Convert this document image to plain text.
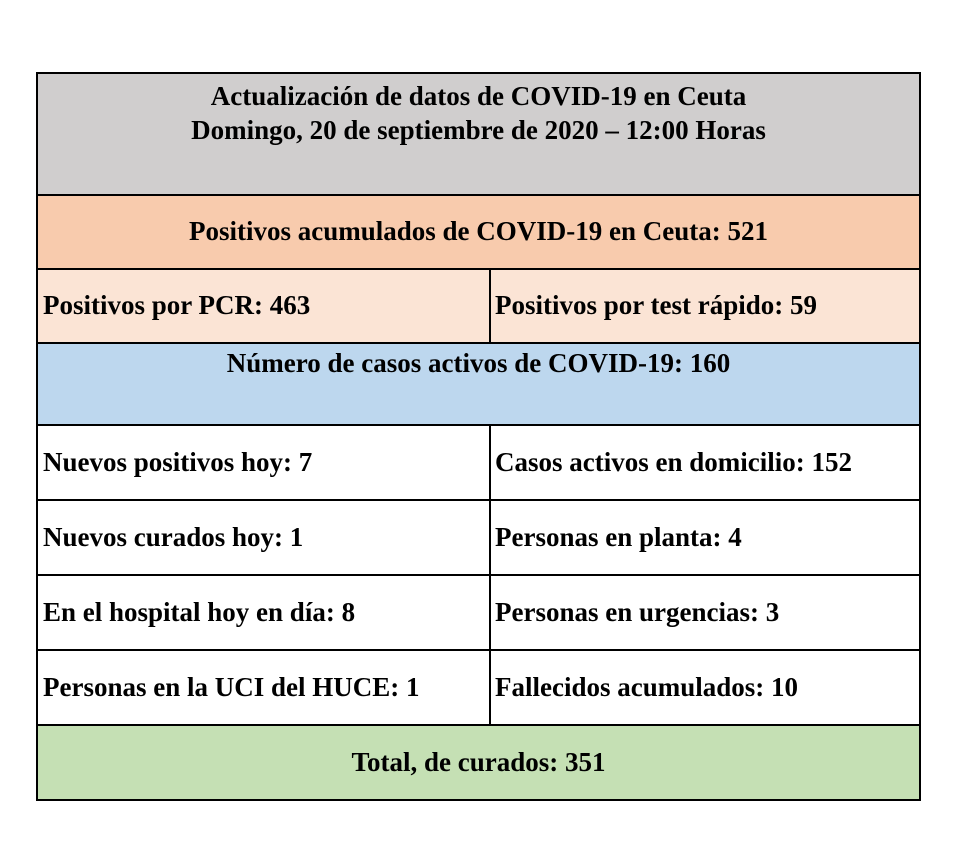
Actualización de datos de COVID-19 en Ceuta
Domingo, 20 de septiembre de 2020 – 12:00 Horas
Positivos acumulados de COVID-19 en Ceuta: 521
Positivos por PCR: 463	Positivos por test rápido: 59
Número de casos activos de COVID-19: 160
Nuevos positivos hoy: 7	Casos activos en domicilio: 152
Nuevos curados hoy: 1	Personas en planta: 4
En el hospital hoy en día: 8	Personas en urgencias: 3
Personas en la UCI del HUCE: 1	Fallecidos acumulados: 10
Total, de curados: 351
